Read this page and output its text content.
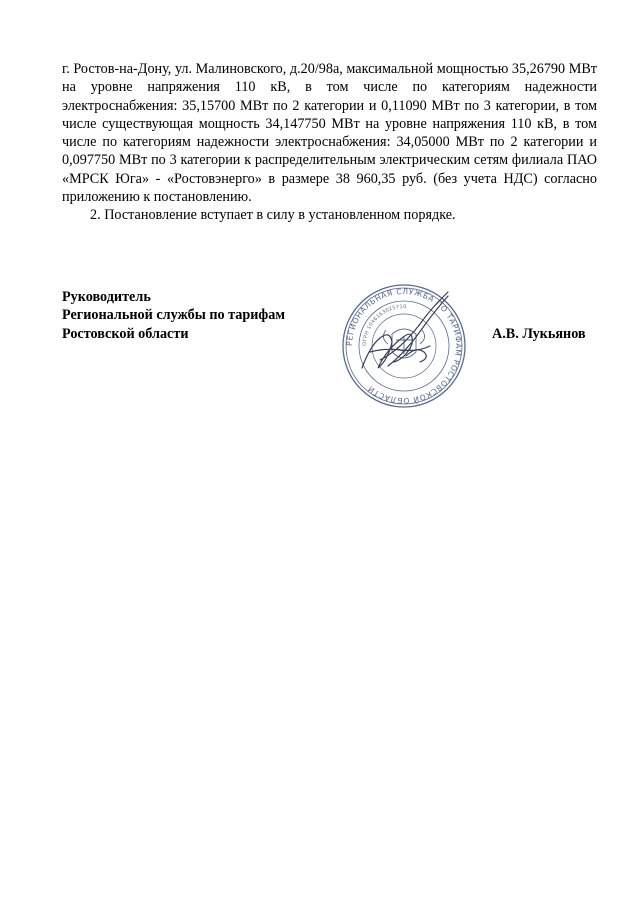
г. Ростов-на-Дону, ул. Малиновского, д.20/98а, максимальной мощностью 35,26790 МВт на уровне напряжения 110 кВ, в том числе по категориям надежности электроснабжения: 35,15700 МВт по 2 категории и 0,11090 МВт по 3 категории, в том числе существующая мощность 34,147750 МВт на уровне напряжения 110 кВ, в том числе по категориям надежности электроснабжения: 34,05000 МВт по 2 категории и 0,097750 МВт по 3 категории к распределительным электрическим сетям филиала ПАО «МРСК Юга» - «Ростовэнерго» в размере 38 960,35 руб. (без учета НДС) согласно приложению к постановлению.

2. Постановление вступает в силу в установленном порядке.

Руководитель
Региональной службы по тарифам
Ростовской области	А.В. Лукьянов
РЕГИОНАЛЬНАЯ СЛУЖБА ПО ТАРИФАМ РОСТОВСКОЙ ОБЛАСТИ
ОГРН 1046163025710
